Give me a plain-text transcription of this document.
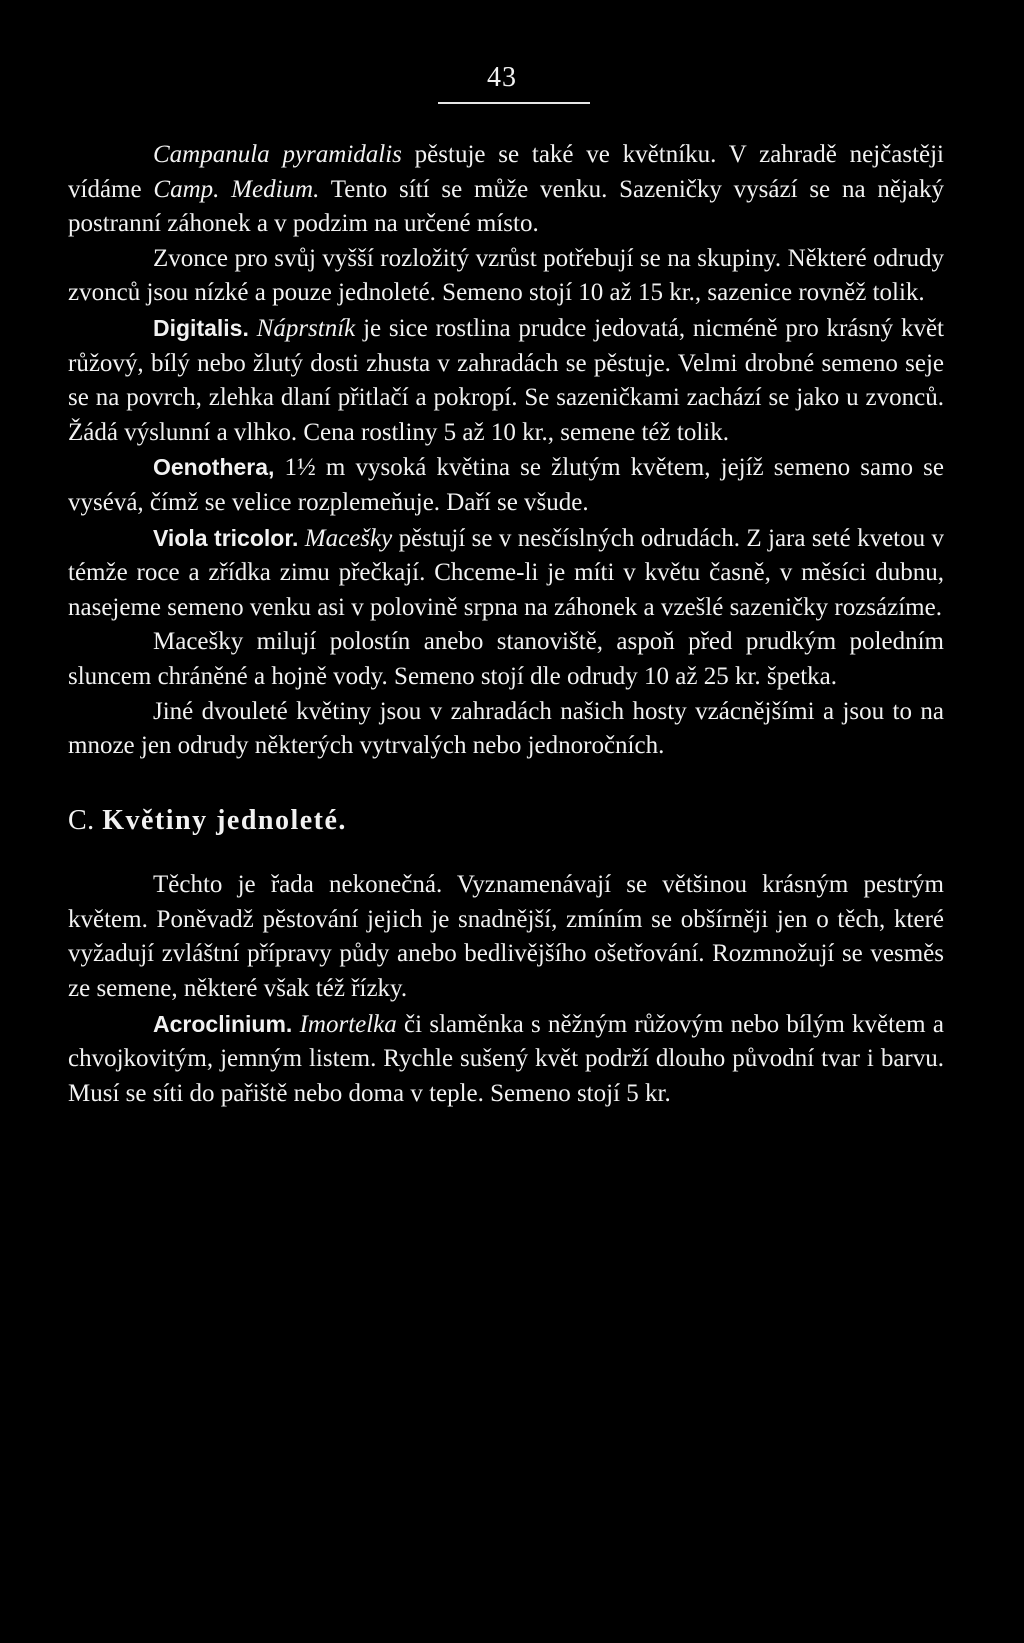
43

Campanula pyramidalis pěstuje se také ve květníku. V zahradě nejčastěji vídáme Camp. Medium. Tento sítí se může venku. Sazeničky vysází se na nějaký postranní záhonek a v podzim na určené místo.

Zvonce pro svůj vyšší rozložitý vzrůst potřebují se na skupiny. Některé odrudy zvonců jsou nízké a pouze jednoleté. Semeno stojí 10 až 15 kr., sazenice rovněž tolik.

Digitalis. Náprstník je sice rostlina prudce jedovatá, nicméně pro krásný květ růžový, bílý nebo žlutý dosti zhusta v zahradách se pěstuje. Velmi drobné semeno seje se na povrch, zlehka dlaní přitlačí a pokropí. Se sazeničkami zachází se jako u zvonců. Žádá výslunní a vlhko. Cena rostliny 5 až 10 kr., semene též tolik.

Oenothera, 1½ m vysoká květina se žlutým květem, jejíž semeno samo se vysévá, čímž se velice rozplemeňuje. Daří se všude.

Viola tricolor. Macešky pěstují se v nesčíslných odrudách. Z jara seté kvetou v témže roce a zřídka zimu přečkají. Chceme-li je míti v květu časně, v měsíci dubnu, nasejeme semeno venku asi v polovině srpna na záhonek a vzešlé sazeničky rozsázíme.

Macešky milují polostín anebo stanoviště, aspoň před prudkým poledním sluncem chráněné a hojně vody. Semeno stojí dle odrudy 10 až 25 kr. špetka.

Jiné dvouleté květiny jsou v zahradách našich hosty vzácnějšími a jsou to na mnoze jen odrudy některých vytrvalých nebo jednoročních.

C. Květiny jednoleté.

Těchto je řada nekonečná. Vyznamenávají se většinou krásným pestrým květem. Poněvadž pěstování jejich je snadnější, zmíním se obšírněji jen o těch, které vyžadují zvláštní přípravy půdy anebo bedlivějšího ošetřování. Rozmnožují se vesměs ze semene, některé však též řízky.

Acroclinium. Imortelka či slaměnka s něžným růžovým nebo bílým květem a chvojkovitým, jemným listem. Rychle sušený květ podrží dlouho původní tvar i barvu. Musí se síti do pařiště nebo doma v teple. Semeno stojí 5 kr.
